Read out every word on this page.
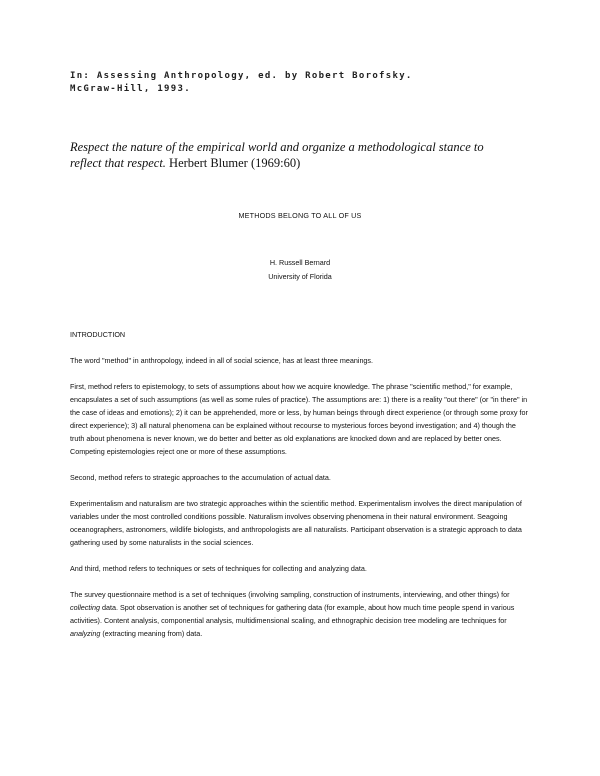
In: Assessing Anthropology, ed. by Robert Borofsky.
McGraw-Hill, 1993.
Respect the nature of the empirical world and organize a methodological stance to reflect that respect. Herbert Blumer (1969:60)
METHODS BELONG TO ALL OF US
H. Russell Bernard
University of Florida

INTRODUCTION

The word "method" in anthropology, indeed in all of social science, has at least three meanings.

First, method refers to epistemology, to sets of assumptions about how we acquire knowledge. The phrase "scientific method," for example, encapsulates a set of such assumptions (as well as some rules of practice). The assumptions are: 1) there is a reality "out there" (or "in there" in the case of ideas and emotions); 2) it can be apprehended, more or less, by human beings through direct experience (or through some proxy for direct experience); 3) all natural phenomena can be explained without recourse to mysterious forces beyond investigation; and 4) though the truth about phenomena is never known, we do better and better as old explanations are knocked down and are replaced by better ones. Competing epistemologies reject one or more of these assumptions.

Second, method refers to strategic approaches to the accumulation of actual data.

Experimentalism and naturalism are two strategic approaches within the scientific method. Experimentalism involves the direct manipulation of variables under the most controlled conditions possible. Naturalism involves observing phenomena in their natural environment. Seagoing oceanographers, astronomers, wildlife biologists, and anthropologists are all naturalists. Participant observation is a strategic approach to data gathering used by some naturalists in the social sciences.

And third, method refers to techniques or sets of techniques for collecting and analyzing data.

The survey questionnaire method is a set of techniques (involving sampling, construction of instruments, interviewing, and other things) for collecting data. Spot observation is another set of techniques for gathering data (for example, about how much time people spend in various activities). Content analysis, componential analysis, multidimensional scaling, and ethnographic decision tree modeling are techniques for analyzing (extracting meaning from) data.
